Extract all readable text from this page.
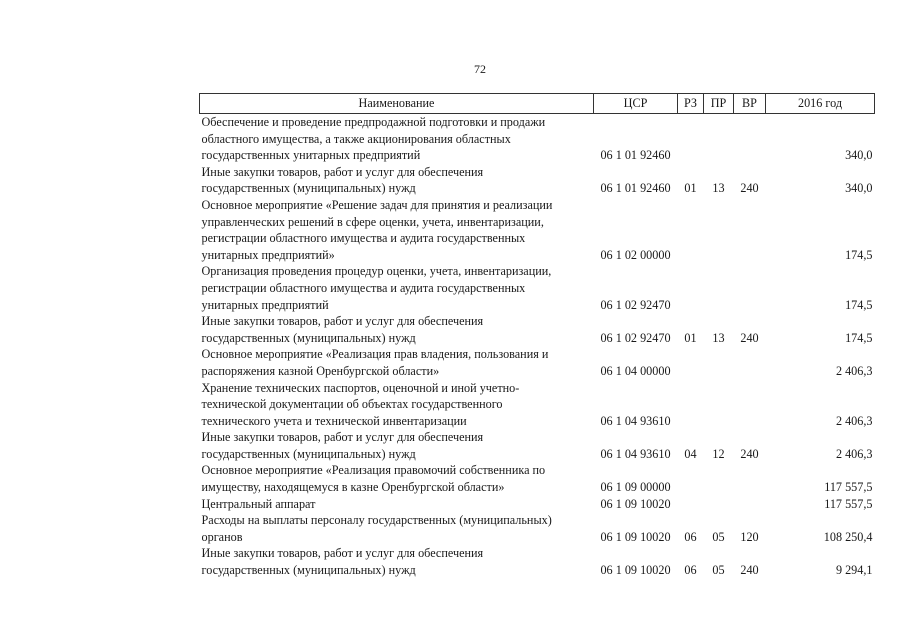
72
Наименование	ЦСР	РЗ	ПР	ВР	2016 год

Обеспечение и проведение предпродажной подготовки и продажи
областного имущества, а также акционирования областных
государственных унитарных предприятий	06 1 01 92460				340,0

Иные закупки товаров, работ и услуг для обеспечения
государственных (муниципальных) нужд	06 1 01 92460	01	13	240	340,0

Основное мероприятие «Решение задач для принятия и реализации
управленческих решений в сфере оценки, учета, инвентаризации,
регистрации областного имущества и аудита государственных
унитарных предприятий»	06 1 02 00000				174,5

Организация проведения процедур оценки, учета, инвентаризации,
регистрации областного имущества и аудита государственных
унитарных предприятий	06 1 02 92470				174,5

Иные закупки товаров, работ и услуг для обеспечения
государственных (муниципальных) нужд	06 1 02 92470	01	13	240	174,5

Основное мероприятие «Реализация прав владения, пользования и
распоряжения казной Оренбургской области»	06 1 04 00000				2 406,3

Хранение технических паспортов, оценочной и иной учетно-
технической документации об объектах государственного
технического учета и технической инвентаризации	06 1 04 93610				2 406,3

Иные закупки товаров, работ и услуг для обеспечения
государственных (муниципальных) нужд	06 1 04 93610	04	12	240	2 406,3

Основное мероприятие «Реализация правомочий собственника по
имуществу, находящемуся в казне Оренбургской области»	06 1 09 00000				117 557,5

Центральный аппарат	06 1 09 10020				117 557,5

Расходы на выплаты персоналу государственных (муниципальных)
органов	06 1 09 10020	06	05	120	108 250,4

Иные закупки товаров, работ и услуг для обеспечения
государственных (муниципальных) нужд	06 1 09 10020	06	05	240	9 294,1
